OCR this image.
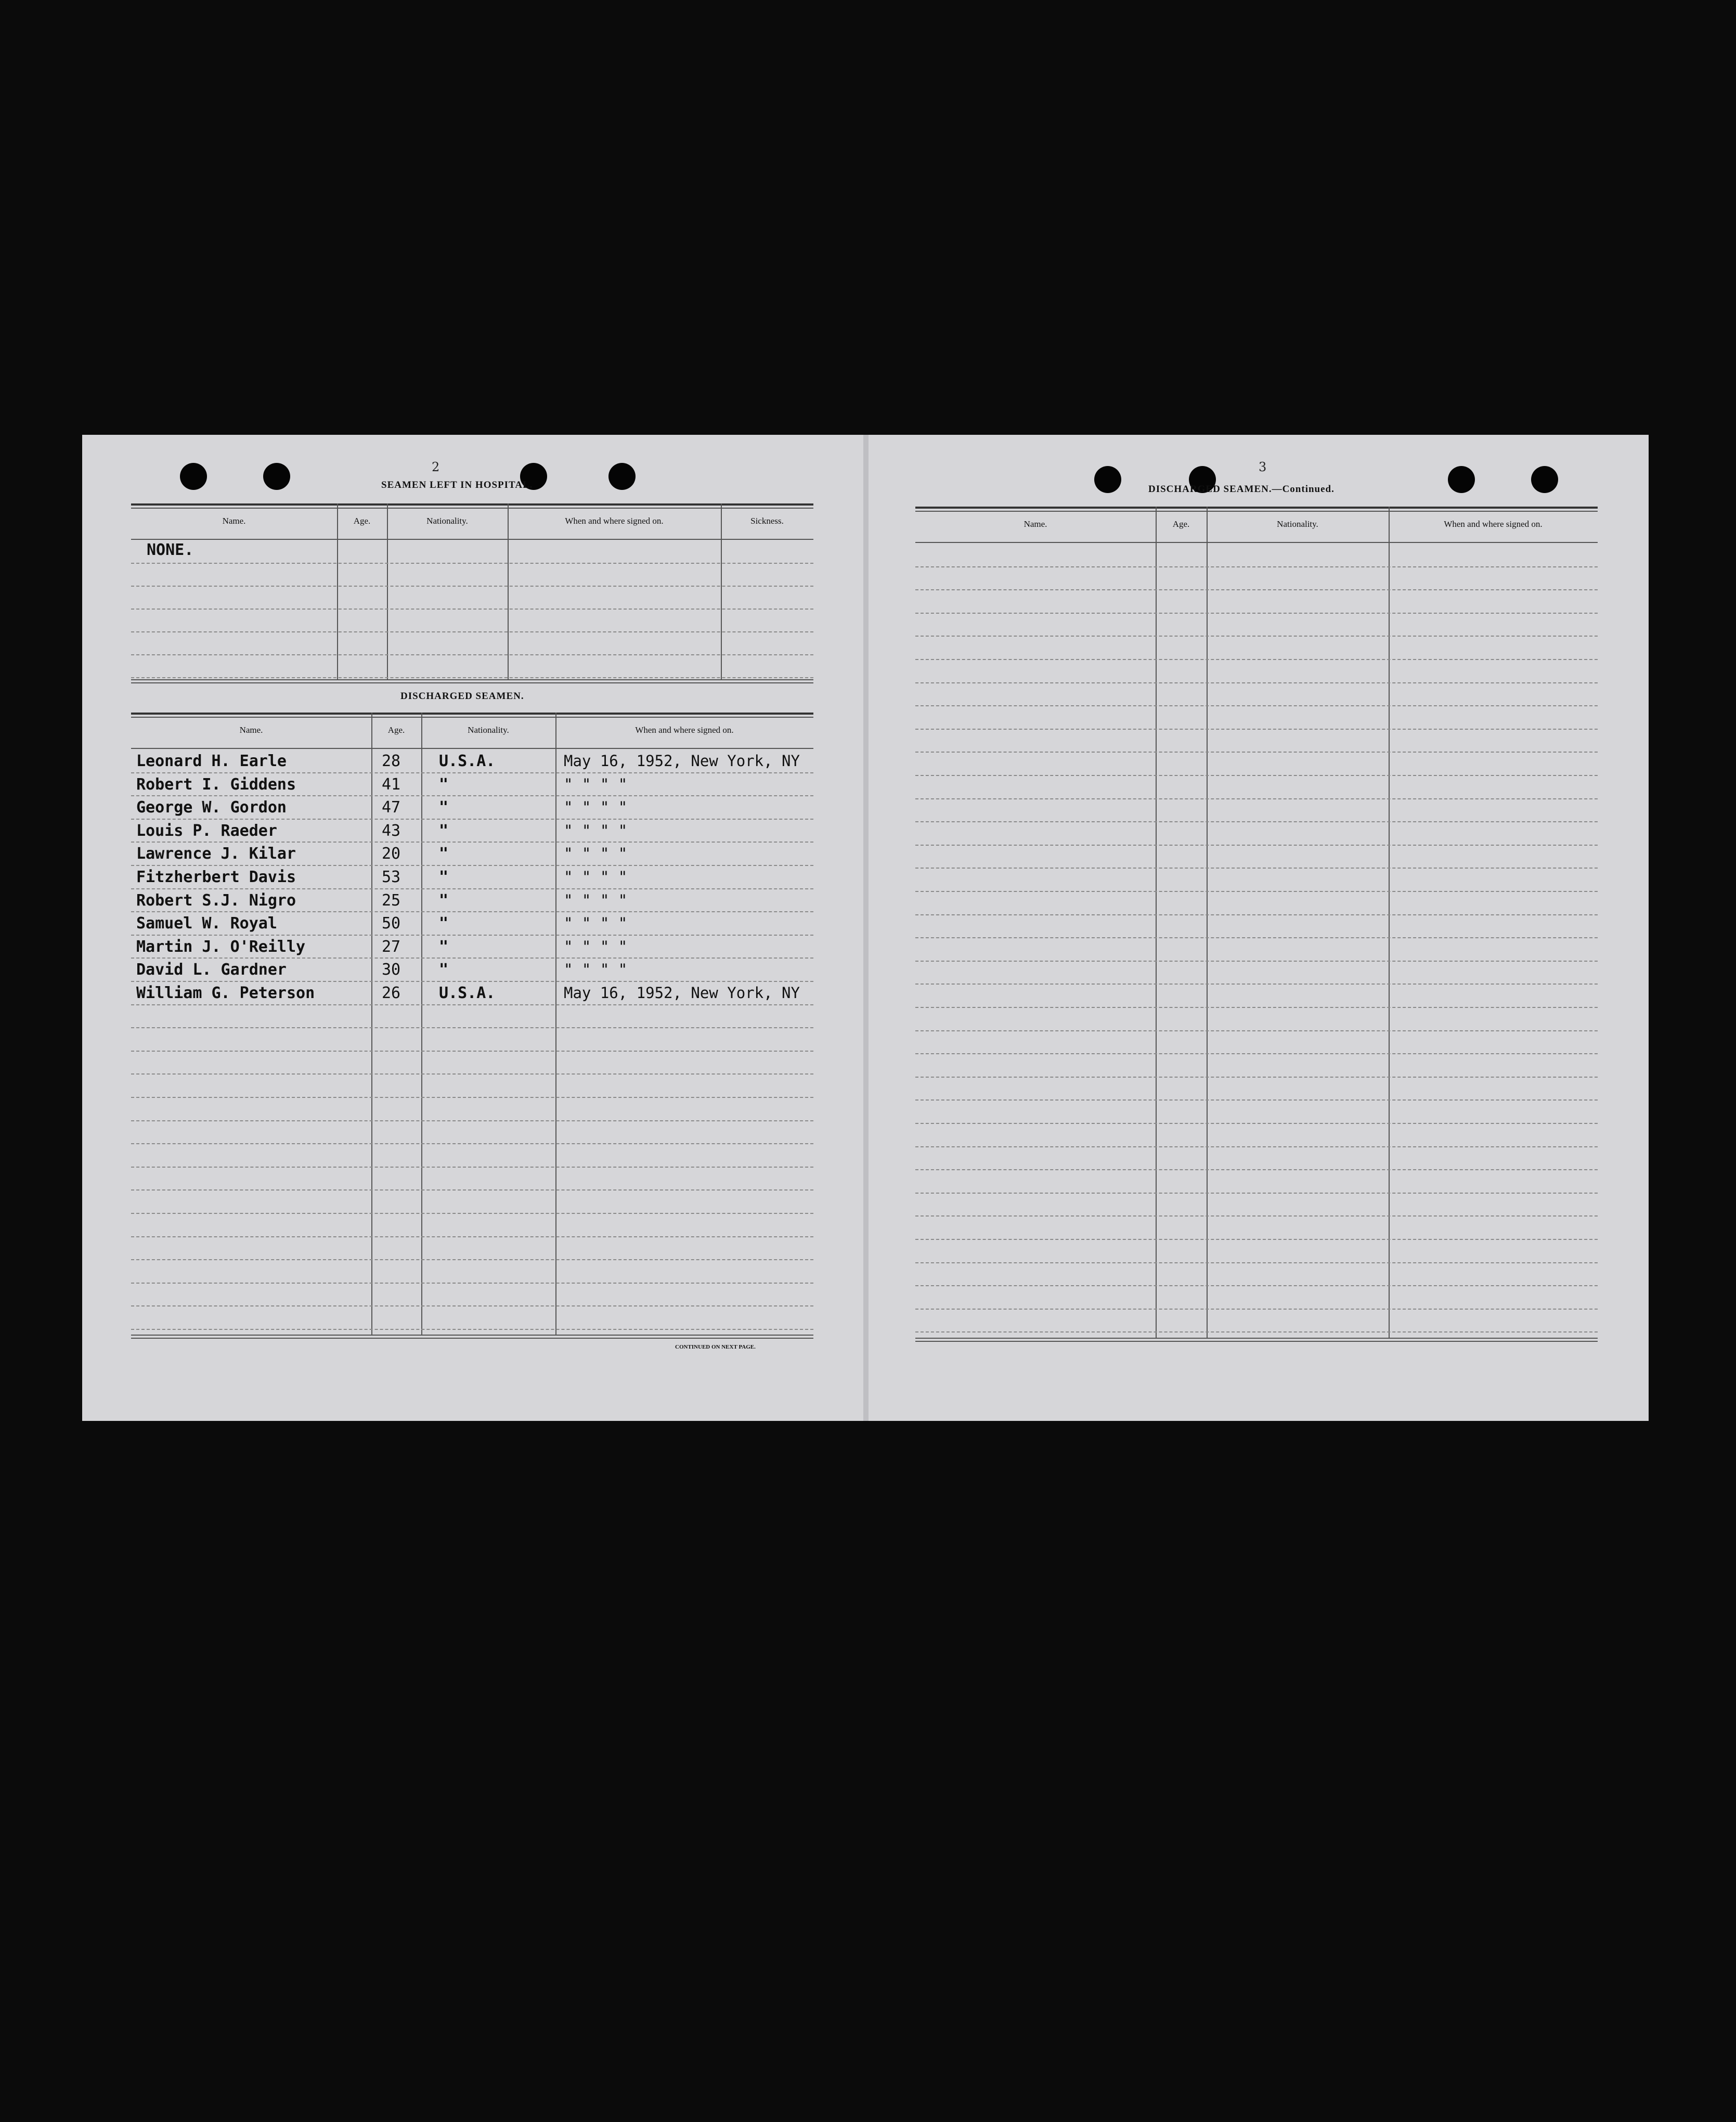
2
SEAMEN LEFT IN HOSPITAL.
Name.	Age.	Nationality.	When and where signed on.	Sickness.
NONE.
DISCHARGED SEAMEN.
Name.	Age.	Nationality.	When and where signed on.
Leonard H. Earle	28 U.S.A.	May 16, 1952, New York, NY
Robert I. Giddens	41 "	" " " "
George W. Gordon	47 "	" " " "
Louis P. Raeder	43 "	" " " "
Lawrence J. Kilar	20 "	" " " "
Fitzherbert Davis	53 "	" " " "
Robert S.J. Nigro	25 "	" " " "
Samuel W. Royal	50 "	" " " "
Martin J. O'Reilly	27 "	" " " "
David L. Gardner	30 "	" " " "
William G. Peterson	26 U.S.A.	May 16, 1952, New York, NY
CONTINUED ON NEXT PAGE.
3
DISCHARGED SEAMEN.—Continued.
Name.	Age.	Nationality.	When and where signed on.
